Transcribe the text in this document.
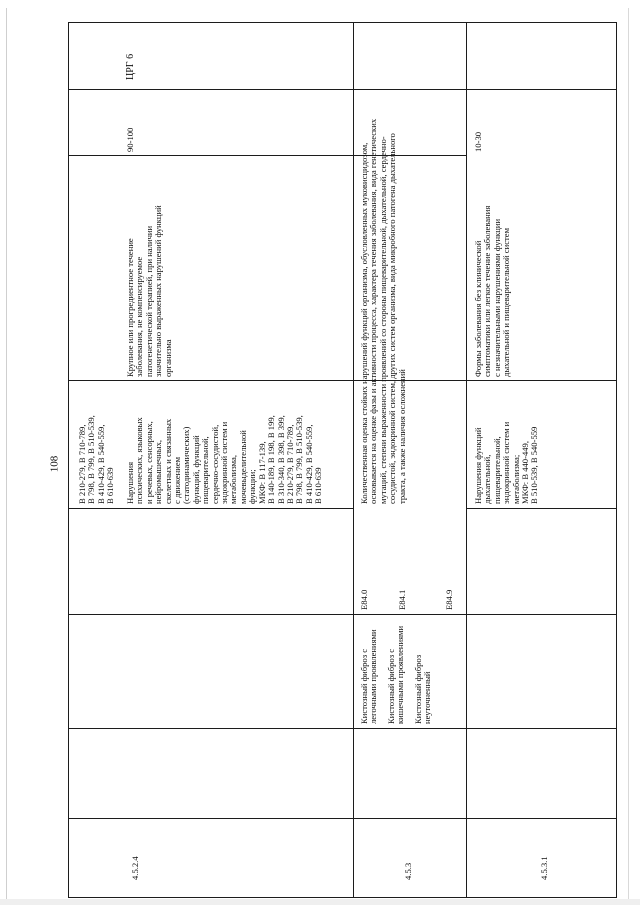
108

4.5.2.4

В 210-279, В 710-789, В 798, В 799, В 510-539, В 410-429, В 540-559, В 610-639 Нарушения психических, языковых и речевых, сенсорных, нейромышечных, скелетных и связанных с движением (статодинамических) функций, функций пищеварительной, сердечно-сосудистой, эндокринной систем и метаболизма, мочевыделительной функции; МКФ: В 117-139, В 140-189, В 198, В 199, В 310-340, В 398, В 399, В 210-279, В 710-789, В 798, В 799, В 510-539, В 410-429, В 540-559, В 610-639

Крупное или прогредиентное течение заболевания, не компенсируемое патогенетической терапией, при наличии значительно выраженных нарушений функций организма

90-100

ЦРГ 6

4.5.3

Кистозный фиброз с легочными проявлениями Кистозный фиброз с кишечными проявлениями Кистозный фиброз неуточненный

E84.0	E84.1	E84.9

Количественная оценка стойких нарушений функций организма, обусловленных муковисцидозом, основывается на оценке фазы и активности процесса, характера течения заболевания, вида генетических мутаций, степени выраженности проявлений со стороны пищеварительной, дыхательной, сердечно- сосудистой, эндокринной систем, других систем организма, вида микробного патогена дыхательного тракта, а также наличия осложнений

4.5.3.1

Нарушения функций дыхательной, пищеварительной, эндокринной систем и метаболизма; МКФ: В 440-449, В 510-539, В 540-559

Формы заболевания без клинической симптоматики или легкое течение заболевания с незначительными нарушениями функции дыхательной и пищеварительной систем

10-30
